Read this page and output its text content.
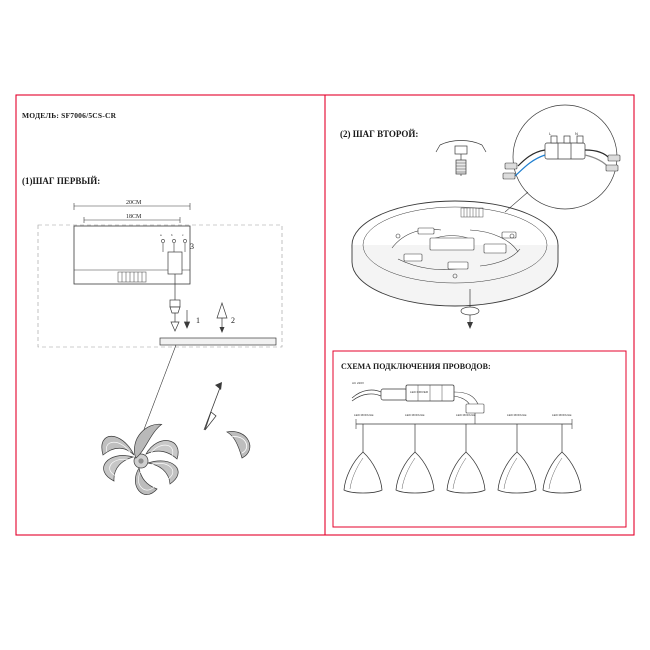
МОДЕЛЬ: SF7006/5CS-CR
(1)ШАГ ПЕРВЫЙ:
(2) ШАГ ВТОРОЙ:
СХЕМА ПОДКЛЮЧЕНИЯ ПРОВОДОВ:
20CM
18CM
1	2
3
a	b	c
LED DRIVER
AC 220V
LED MODULE	LED MODULE	LED MODULE	LED MODULE	LED MODULE
L	N
